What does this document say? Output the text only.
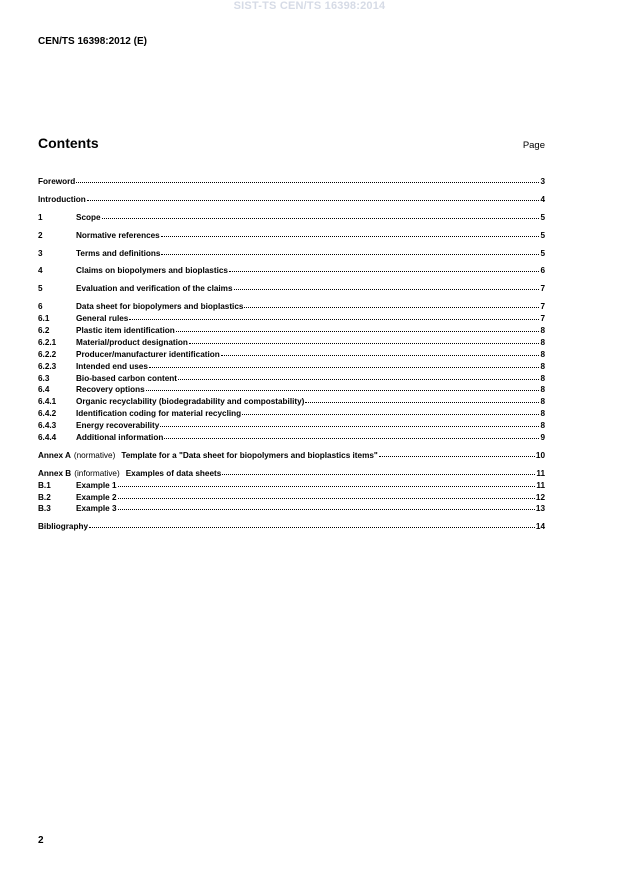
SIST-TS CEN/TS 16398:2014
CEN/TS 16398:2012 (E)
Contents	Page
Foreword	3
Introduction	4
1	Scope	5
2	Normative references	5
3	Terms and definitions	5
4	Claims on biopolymers and bioplastics	6
5	Evaluation and verification of the claims	7
6	Data sheet for biopolymers and bioplastics	7
6.1	General rules	7
6.2	Plastic item identification	8
6.2.1	Material/product designation	8
6.2.2	Producer/manufacturer identification	8
6.2.3	Intended end uses	8
6.3	Bio-based carbon content	8
6.4	Recovery options	8
6.4.1	Organic recyclability (biodegradability and compostability)	8
6.4.2	Identification coding for material recycling	8
6.4.3	Energy recoverability	8
6.4.4	Additional information	9
Annex A (normative) Template for a "Data sheet for biopolymers and bioplastics items"	10
Annex B (informative) Examples of data sheets	11
B.1	Example 1	11
B.2	Example 2	12
B.3	Example 3	13
Bibliography	14
2
